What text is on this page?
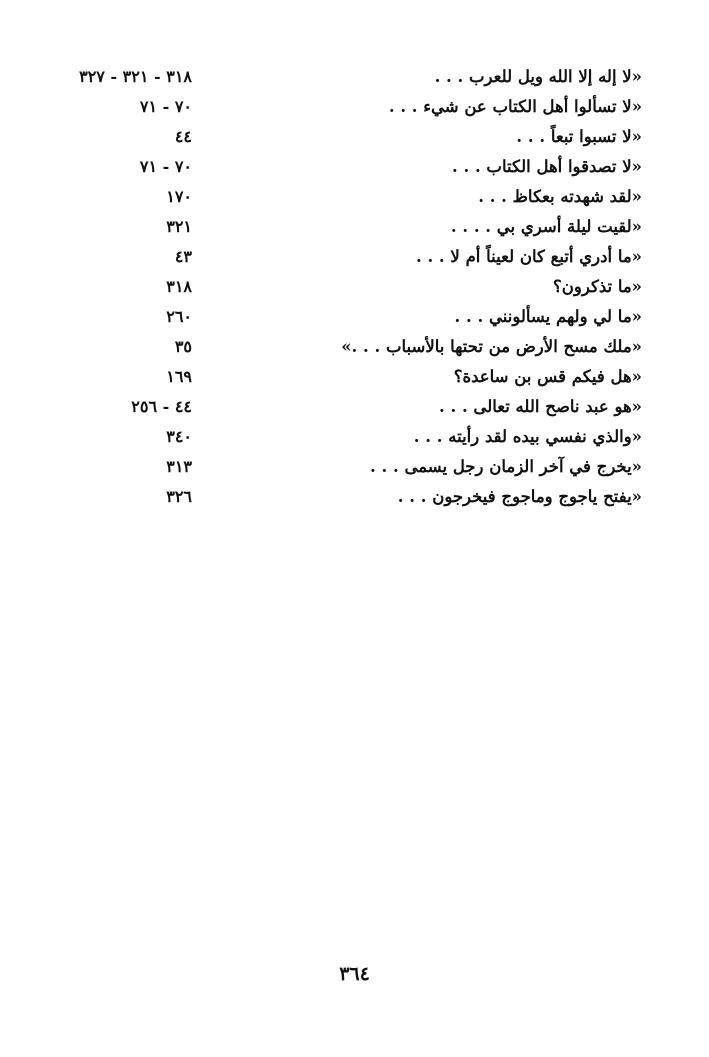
«لا إله إلا الله ويل للعرب . . .
٣١٨ - ٣٢١ - ٣٢٧
«لا تسألوا أهل الكتاب عن شيء . . .
٧٠ - ٧١
«لا تسبوا تبعاً . . .
٤٤
«لا تصدقوا أهل الكتاب . . .
٧٠ - ٧١
«لقد شهدته بعكاظ . . .
١٧٠
«لقيت ليلة أسري بي . . . .
٣٢١
«ما أدري أتبع كان لعيناً أم لا . . .
٤٣
«ما تذكرون؟
٣١٨
«ما لي ولهم يسألونني . . .
٢٦٠
«ملك مسح الأرض من تحتها بالأسباب . . .»
٣٥
«هل فيكم قس بن ساعدة؟
١٦٩
«هو عبد ناصح الله تعالى . . .
٤٤ - ٢٥٦
«والذي نفسي بيده لقد رأيته . . .
٣٤٠
«يخرج في آخر الزمان رجل يسمى . . .
٣١٣
«يفتح ياجوج وماجوج فيخرجون . . .
٣٢٦
٣٦٤
